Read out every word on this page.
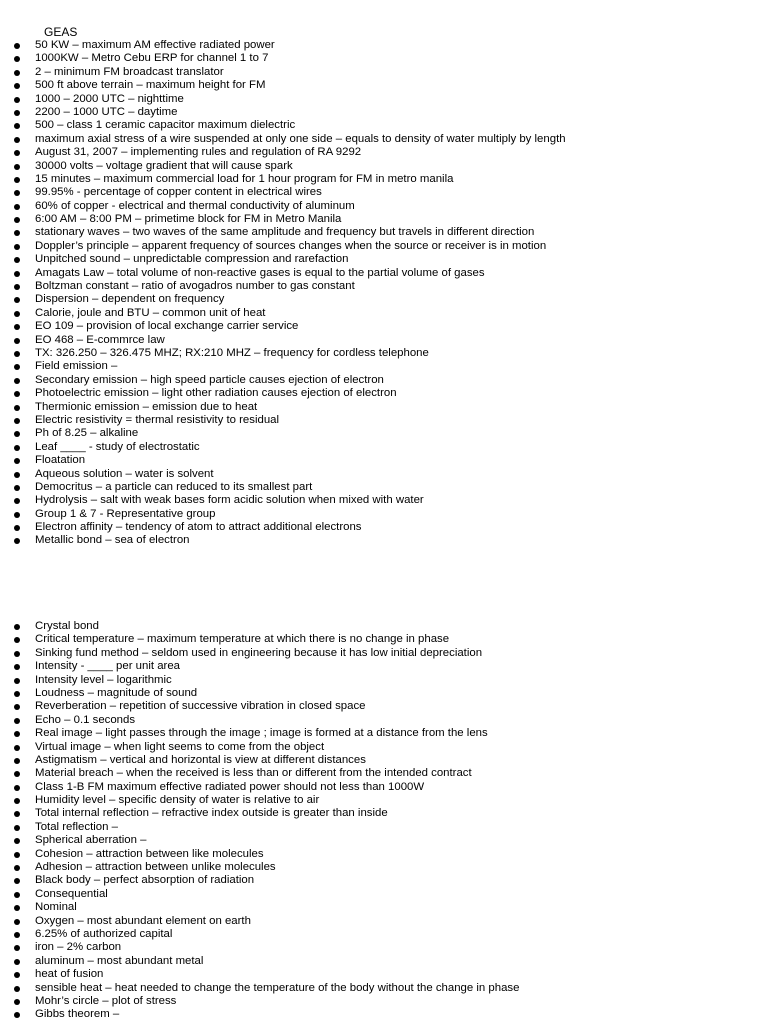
GEAS
50 KW – maximum AM effective radiated power
1000KW – Metro Cebu ERP for channel 1 to 7
2 – minimum FM broadcast translator
500 ft above terrain – maximum height for FM
1000 – 2000 UTC – nighttime
2200 – 1000 UTC – daytime
500 – class 1 ceramic capacitor maximum dielectric
maximum axial stress of a wire suspended at only one side – equals to density of water multiply by length
August 31, 2007 – implementing rules and regulation of RA 9292
30000 volts – voltage gradient that will cause spark
15 minutes – maximum commercial load for 1 hour program for FM in metro manila
99.95% - percentage of copper content in electrical wires
60% of copper - electrical and thermal conductivity of aluminum
6:00 AM – 8:00 PM – primetime block for FM in Metro Manila
stationary waves – two waves of the same amplitude and frequency but travels in different direction
Doppler’s principle – apparent frequency of sources changes when the source or receiver is in motion
Unpitched sound – unpredictable compression and rarefaction
Amagats Law – total volume of non-reactive gases is equal to the partial volume of gases
Boltzman constant – ratio of avogadros number to gas constant
Dispersion – dependent on frequency
Calorie, joule and BTU – common unit of heat
EO 109 – provision of local exchange carrier service
EO 468 – E-commrce law
TX: 326.250 – 326.475 MHZ; RX:210 MHZ – frequency for cordless telephone
Field emission –
Secondary emission – high speed particle causes ejection of electron
Photoelectric emission – light other radiation causes ejection of electron
Thermionic emission – emission due to heat
Electric resistivity = thermal resistivity to residual
Ph of 8.25 – alkaline
Leaf ____ - study of electrostatic
Floatation
Aqueous solution – water is solvent
Democritus – a particle can reduced to its smallest part
Hydrolysis – salt with weak bases form acidic solution when mixed with water
Group 1 & 7 - Representative group
Electron affinity – tendency of atom to attract additional electrons
Metallic bond – sea of electron
Crystal bond
Critical temperature – maximum temperature at which there is no change in phase
Sinking fund method – seldom used in engineering because it has low initial depreciation
Intensity - ____ per unit area
Intensity level – logarithmic
Loudness – magnitude of sound
Reverberation – repetition of successive vibration in closed space
Echo – 0.1 seconds
Real image – light passes through the image ; image is formed at a distance from the lens
Virtual image – when light seems to come from the object
Astigmatism – vertical and horizontal is view at different distances
Material breach – when the received is less than or different from the intended contract
Class 1-B FM maximum effective radiated power should not less than 1000W
Humidity level – specific density of water is relative to air
Total internal reflection – refractive index outside is greater than inside
Total reflection –
Spherical aberration –
Cohesion – attraction between like molecules
Adhesion – attraction between unlike molecules
Black body – perfect absorption of radiation
Consequential
Nominal
Oxygen – most abundant element on earth
6.25% of authorized capital
iron – 2% carbon
aluminum – most abundant metal
heat of fusion
sensible heat – heat needed to change the temperature of the body without the change in phase
Mohr’s circle – plot of stress
Gibbs theorem –
